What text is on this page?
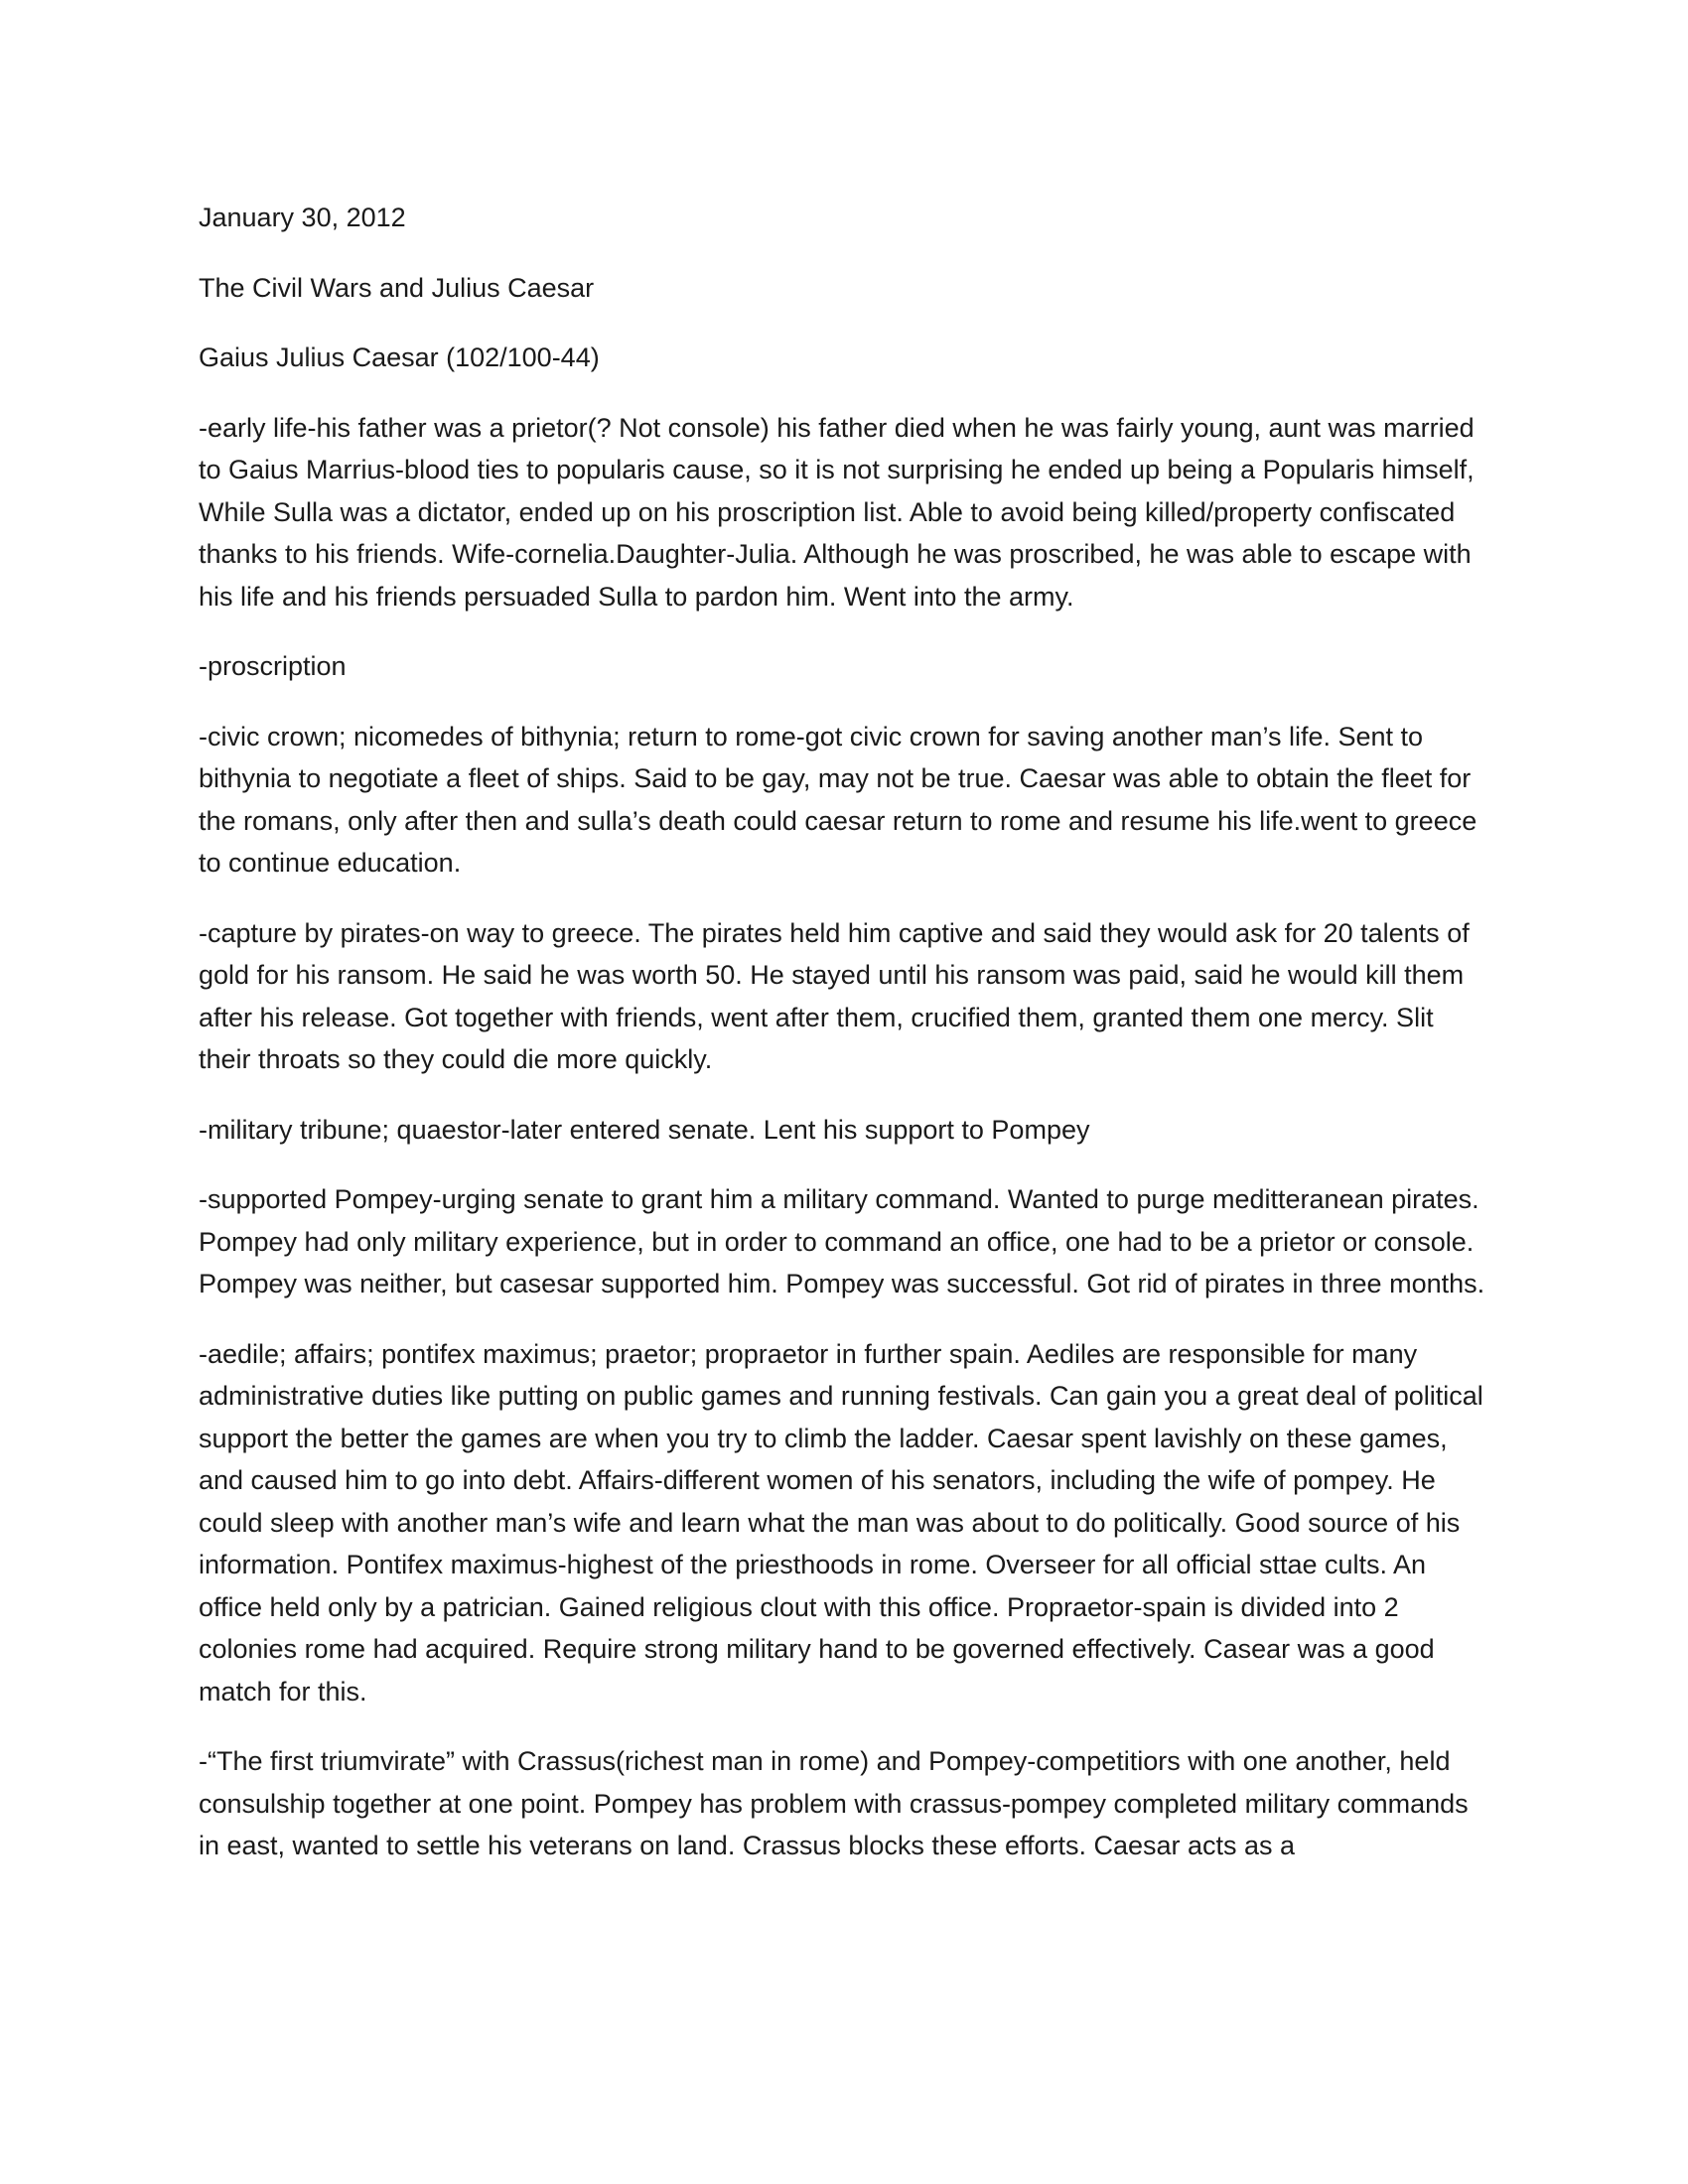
January 30, 2012

The Civil Wars and Julius Caesar

Gaius Julius Caesar (102/100-44)

-early life-his father was a prietor(? Not console) his father died when he was fairly young, aunt was married to Gaius Marrius-blood ties to popularis cause, so it is not surprising he ended up being a Popularis himself, While Sulla was a dictator, ended up on his proscription list. Able to avoid being killed/property confiscated thanks to his friends. Wife-cornelia.Daughter-Julia. Although he was proscribed, he was able to escape with his life and his friends persuaded Sulla to pardon him. Went into the army.

-proscription

-civic crown; nicomedes of bithynia; return to rome-got civic crown for saving another man’s life. Sent to bithynia to negotiate a fleet of ships. Said to be gay, may not be true. Caesar was able to obtain the fleet for the romans, only after then and sulla’s death could caesar return to rome and resume his life.went to greece to continue education.

-capture by pirates-on way to greece. The pirates held him captive and said they would ask for 20 talents of gold for his ransom. He said he was worth 50. He stayed until his ransom was paid, said he would kill them after his release. Got together with friends, went after them, crucified them, granted them one mercy. Slit their throats so they could die more quickly.

-military tribune; quaestor-later entered senate. Lent his support to Pompey

-supported Pompey-urging senate to grant him a military command. Wanted to purge meditteranean pirates. Pompey had only military experience, but in order to command an office, one had to be a prietor or console. Pompey was neither, but casesar supported him. Pompey was successful. Got rid of pirates in three months.

-aedile; affairs; pontifex maximus; praetor; propraetor in further spain. Aediles are responsible for many administrative duties like putting on public games and running festivals. Can gain you a great deal of political support the better the games are when you try to climb the ladder. Caesar spent lavishly on these games, and caused him to go into debt. Affairs-different women of his senators, including the wife of pompey. He could sleep with another man’s wife and learn what the man was about to do politically. Good source of his information. Pontifex maximus-highest of the priesthoods in rome. Overseer for all official sttae cults. An office held only by a patrician. Gained religious clout with this office. Propraetor-spain is divided into 2 colonies rome had acquired. Require strong military hand to be governed effectively. Casear was a good match for this.

-“The first triumvirate” with Crassus(richest man in rome) and Pompey-competitiors with one another, held consulship together at one point. Pompey has problem with crassus-pompey completed military commands in east, wanted to settle his veterans on land. Crassus blocks these efforts. Caesar acts as a
